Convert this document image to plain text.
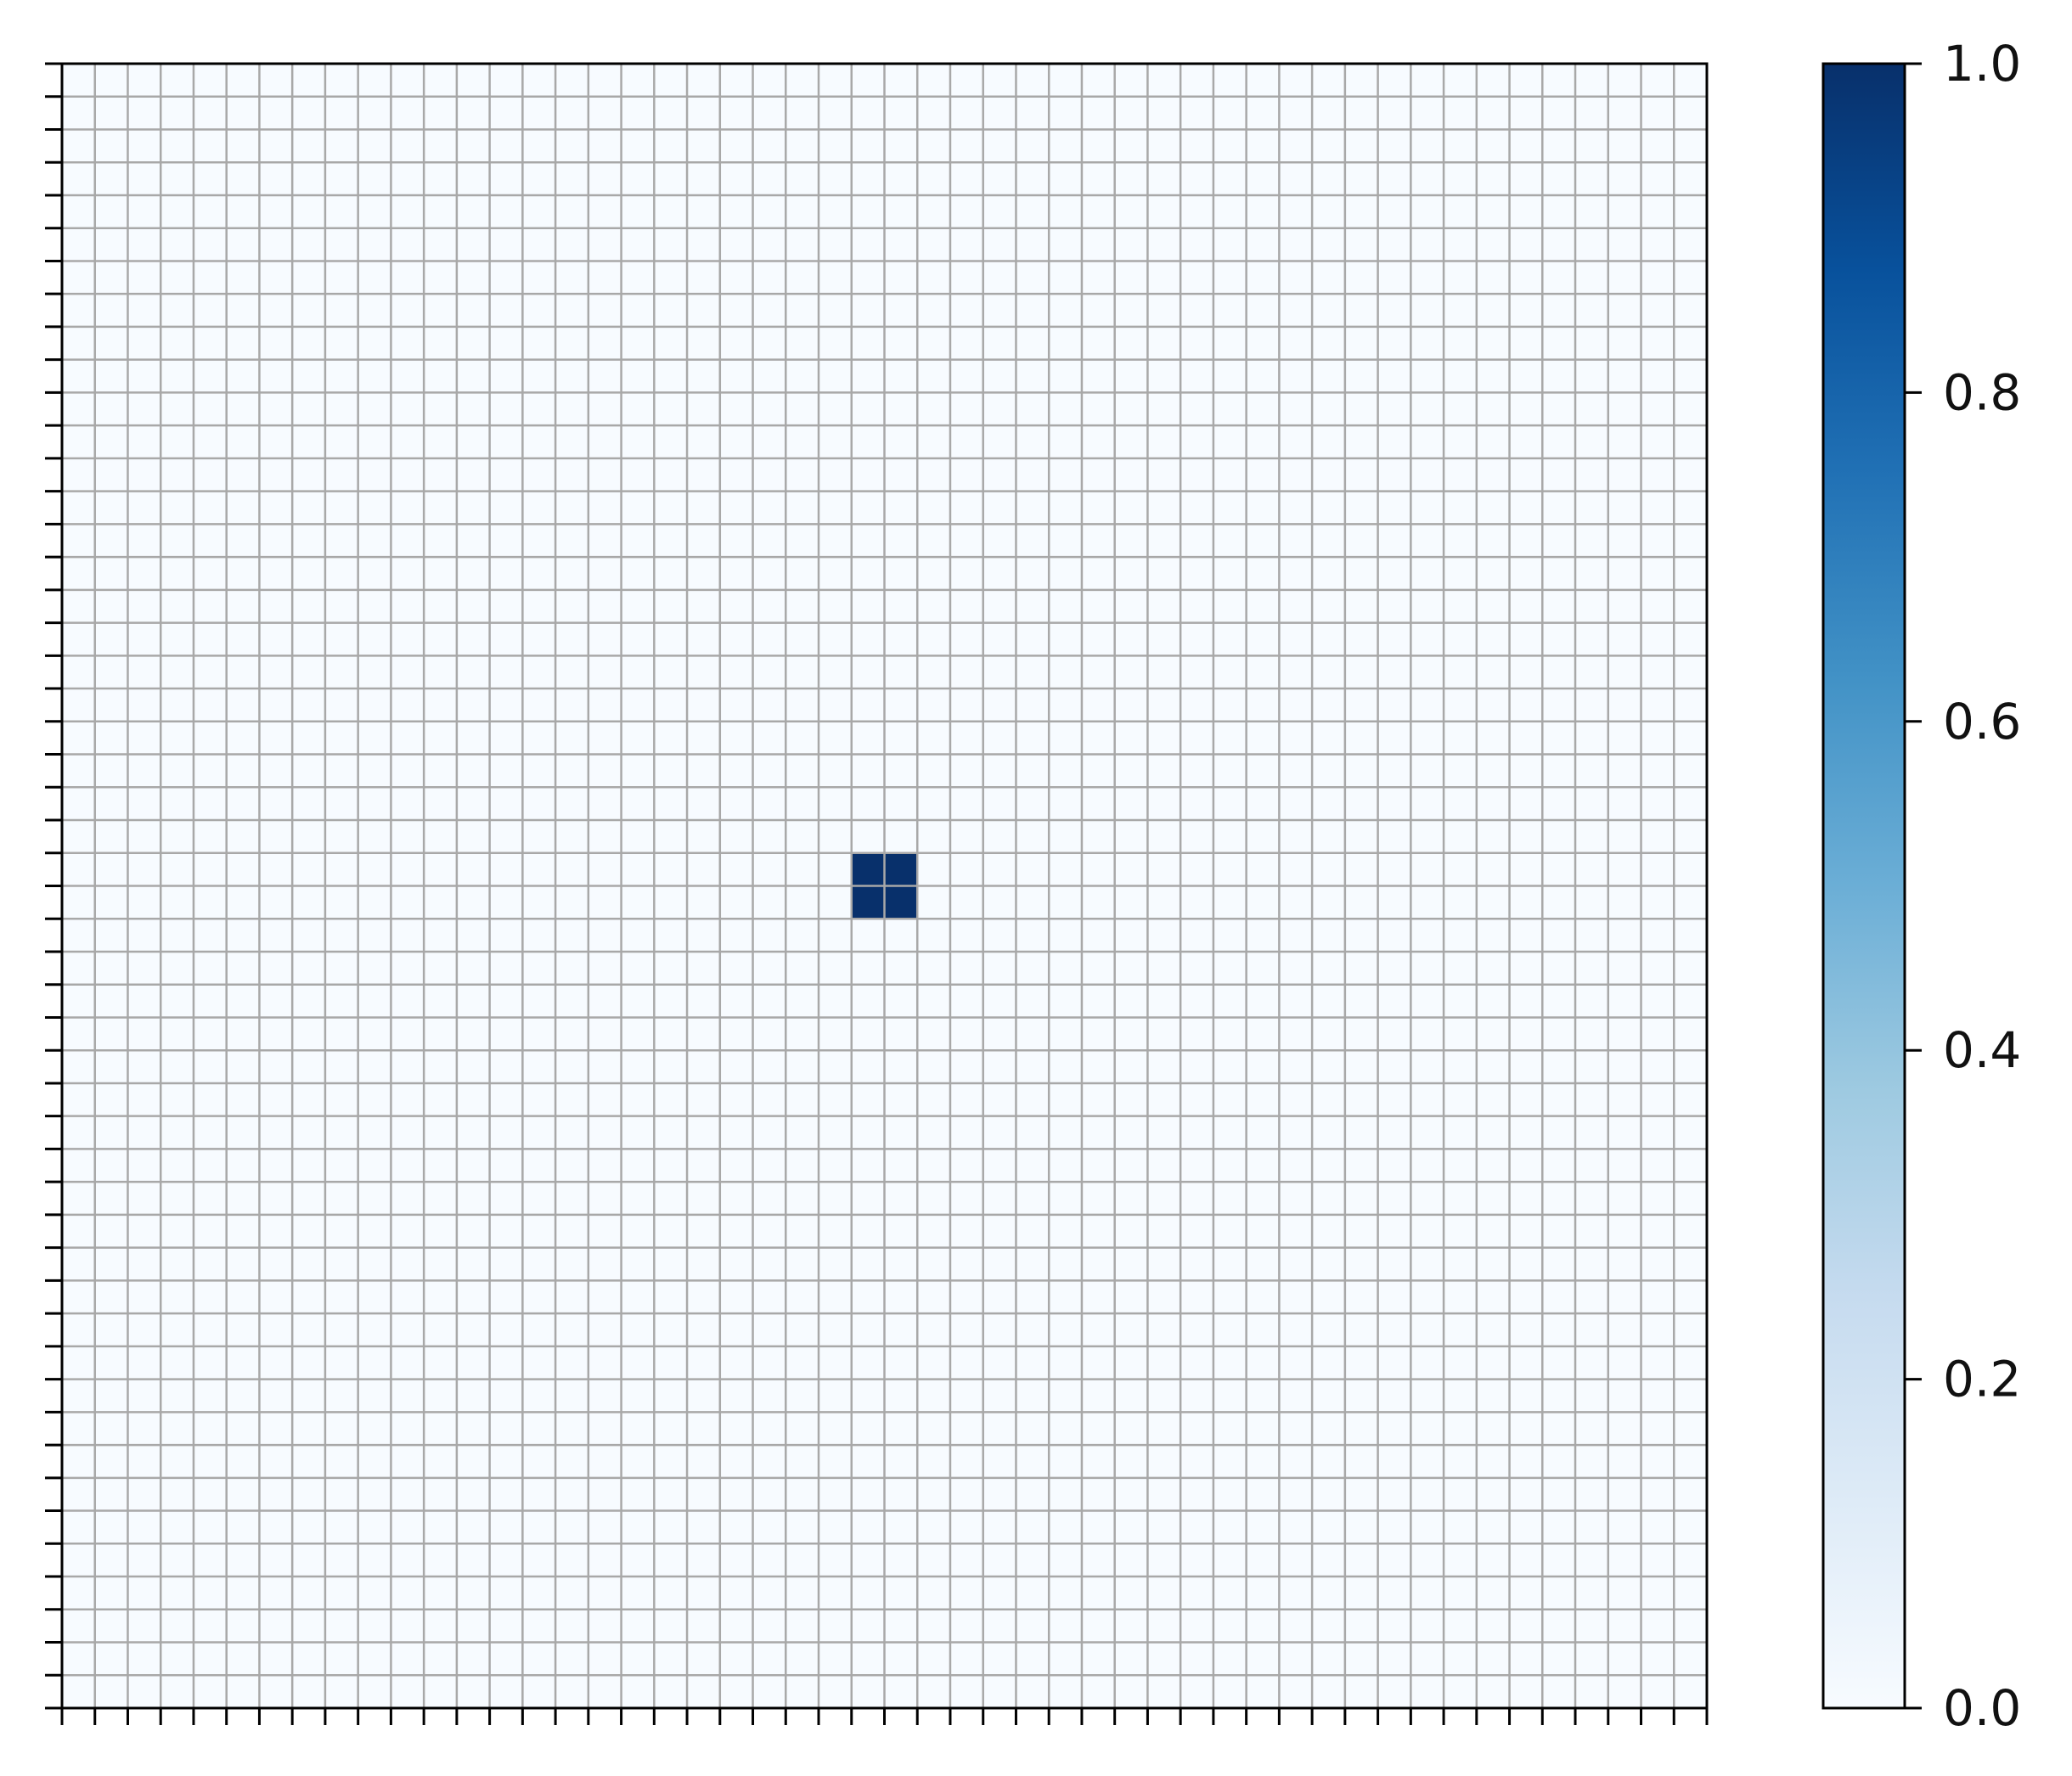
0.0
0.2
0.4
0.6
0.8
1.0
